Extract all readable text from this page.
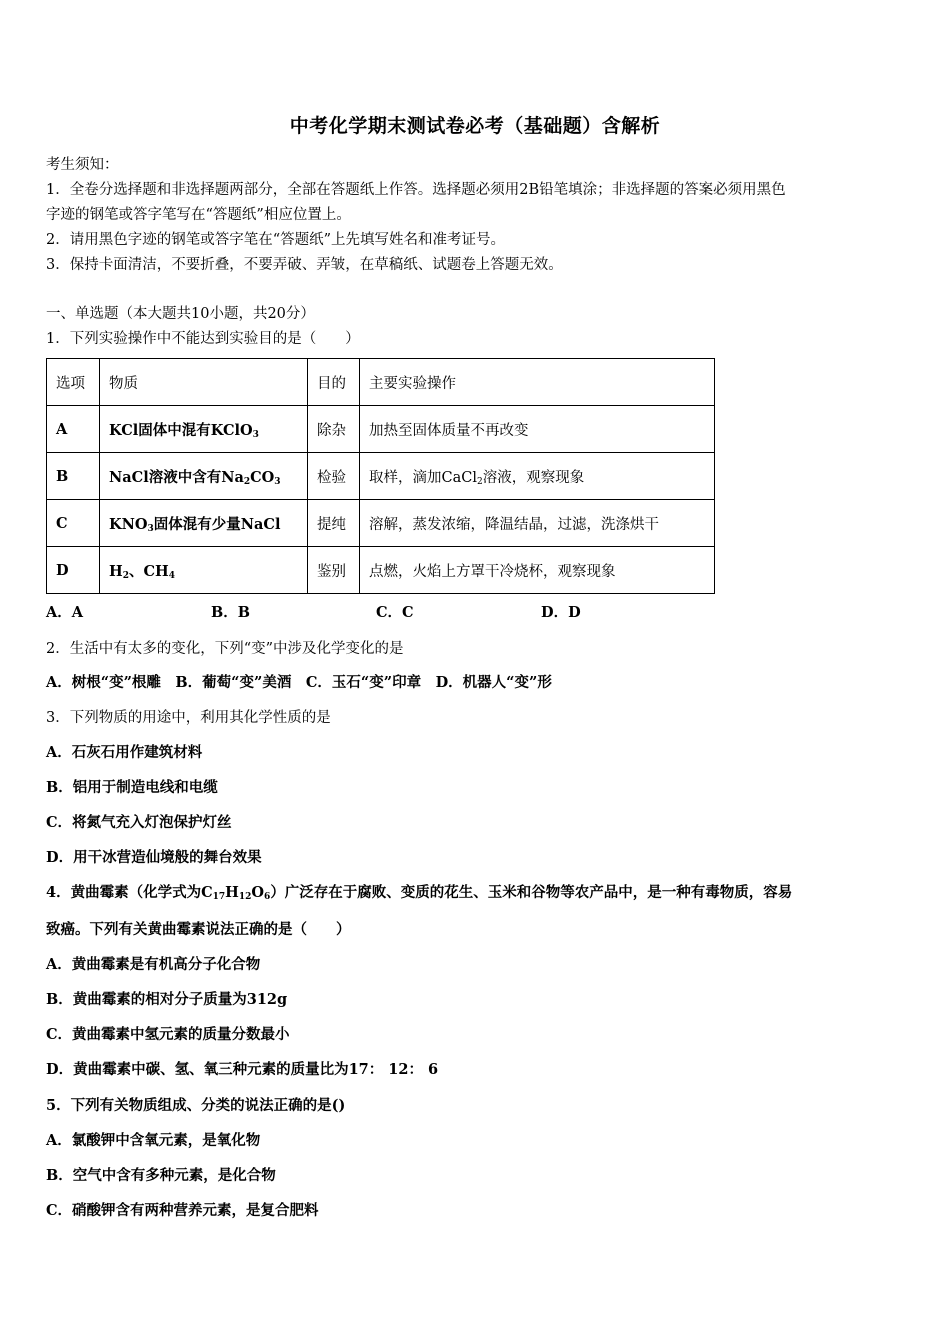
中考化学期末测试卷必考（基础题）含解析
考生须知：
1．全卷分选择题和非选择题两部分，全部在答题纸上作答。选择题必须用2B铅笔填涂；非选择题的答案必须用黑色
字迹的钢笔或答字笔写在“答题纸”相应位置上。
2．请用黑色字迹的钢笔或答字笔在“答题纸”上先填写姓名和准考证号。
3．保持卡面清洁，不要折叠，不要弄破、弄皱，在草稿纸、试题卷上答题无效。
一、单选题（本大题共10小题，共20分）
1．下列实验操作中不能达到实验目的是（　　）
选项	物质	目的	主要实验操作
A	KCl固体中混有KClO$_3$	除杂	加热至固体质量不再改变
B	NaCl溶液中含有$Na_2CO_3$	检验	取样，滴加CaCl$_2$溶液，观察现象
C	$KNO_3$固体混有少量NaCl	提纯	溶解，蒸发浓缩，降温结晶，过滤，洗涤烘干
D	$H_2$、$CH_4$	鉴别	点燃，火焰上方罩干冷烧杯，观察现象
A．A	B．B	C．C	D．D
2．生活中有太多的变化，下列“变”中涉及化学变化的是
A．树根“变”根雕　B．葡萄“变”美酒　C．玉石“变”印章　D．机器人“变”形
3．下列物质的用途中，利用其化学性质的是
A．石灰石用作建筑材料
B．铝用于制造电线和电缆
C．将氮气充入灯泡保护灯丝
D．用干冰营造仙境般的舞台效果
4．黄曲霉素（化学式为$C_{17}H_{12}O_6$）广泛存在于腐败、变质的花生、玉米和谷物等农产品中，是一种有毒物质，容易
致癌。下列有关黄曲霉素说法正确的是（　　）
A．黄曲霉素是有机高分子化合物
B．黄曲霉素的相对分子质量为312g
C．黄曲霉素中氢元素的质量分数最小
D．黄曲霉素中碳、氢、氧三种元素的质量比为17： 12： 6
5．下列有关物质组成、分类的说法正确的是()
A．氯酸钾中含氧元素，是氧化物
B．空气中含有多种元素，是化合物
C．硝酸钾含有两种营养元素，是复合肥料
